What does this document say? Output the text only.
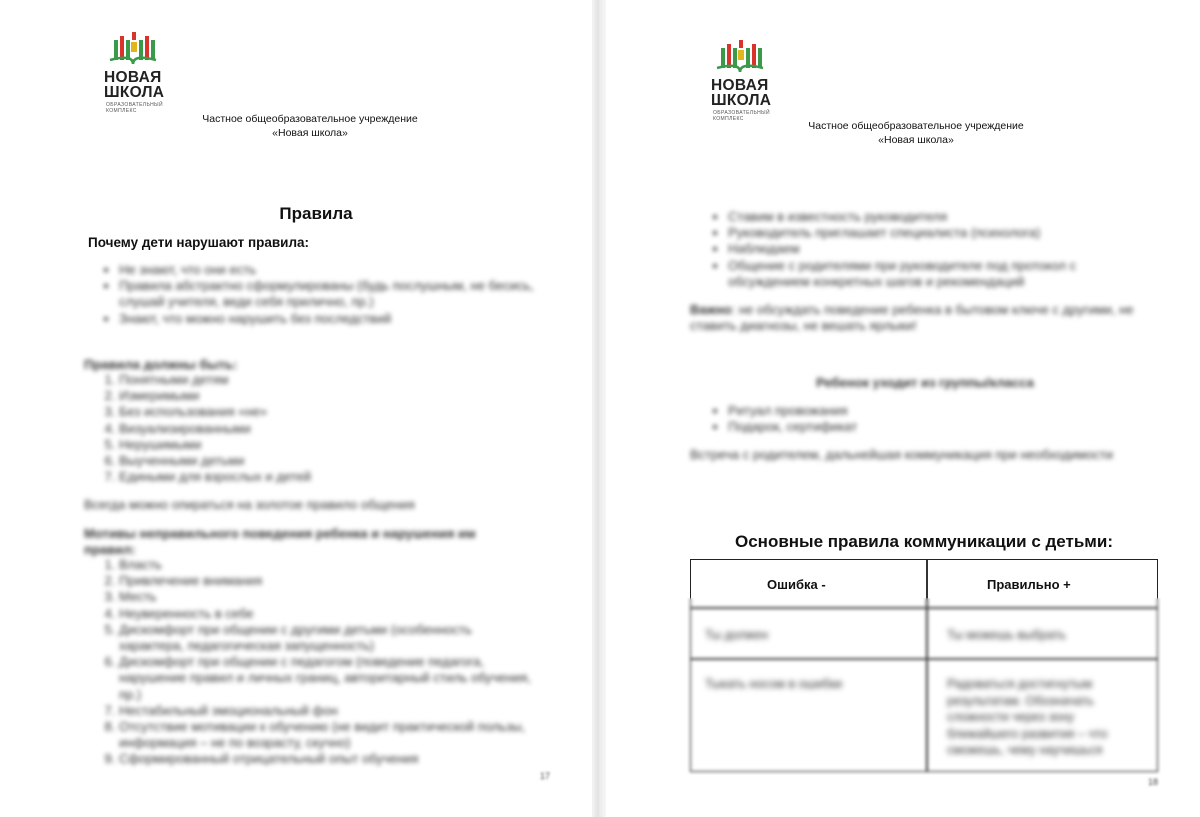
НОВАЯ
ШКОЛА
ОБРАЗОВАТЕЛЬНЫЙ КОМПЛЕКС
Частное общеобразовательное учреждение
«Новая школа»
Правила
Почему дети нарушают правила:
• Не знают, что они есть
• Правила абстрактно сформулированы (будь послушным, не бесись, слушай учителя, веди себя прилично, пр.)
• Знают, что можно нарушить без последствий
Правила должны быть:
1. Понятными детям
2. Измеримыми
3. Без использования «не»
4. Визуализированными
5. Нерушимыми
6. Выученными детьми
7. Едиными для взрослых и детей
Всегда можно опираться на золотое правило общения
Мотивы неправильного поведения ребенка и нарушения им правил:
1. Власть
2. Привлечение внимания
3. Месть
4. Неуверенность в себе
5. Дискомфорт при общении с другими детьми (особенность характера, педагогическая запущенность)
6. Дискомфорт при общении с педагогом (поведение педагога, нарушение правил и личных границ, авторитарный стиль обучения, пр.)
7. Нестабильный эмоциональный фон
8. Отсутствие мотивации к обучению (не видит практической пользы, информация – не по возрасту, скучно)
9. Сформированный отрицательный опыт обучения
17
НОВАЯ
ШКОЛА
ОБРАЗОВАТЕЛЬНЫЙ КОМПЛЕКС
Частное общеобразовательное учреждение
«Новая школа»
• Ставим в известность руководителя
• Руководитель приглашает специалиста (психолога)
• Наблюдаем
• Общение с родителями при руководителе под протокол с обсуждением конкретных шагов и рекомендаций
Важно: не обсуждать поведение ребенка в бытовом ключе с другими, не ставить диагнозы, не вешать ярлыки!
Ребенок уходит из группы/класса
• Ритуал провожания
• Подарок, сертификат
Встреча с родителем, дальнейшая коммуникация при необходимости
Основные правила коммуникации с детьми:
Ошибка -	Правильно +
Ты должен	Ты можешь выбрать
Тыкать носом в ошибки	Радоваться достигнутым результатам. Обозначать сложности через зону ближайшего развития – что сможешь, чему научишься
18
